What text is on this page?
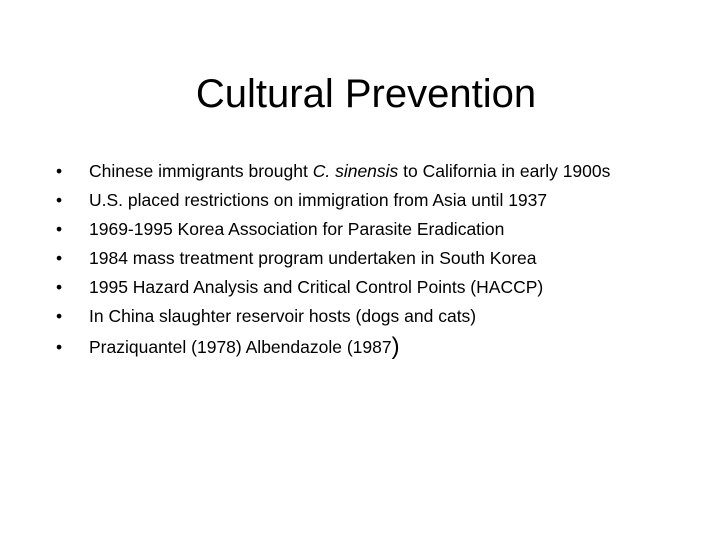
Cultural Prevention
• Chinese immigrants brought C. sinensis to California in early 1900s
• U.S. placed restrictions on immigration from Asia until 1937
• 1969-1995 Korea Association for Parasite Eradication
• 1984 mass treatment program undertaken in South Korea
• 1995 Hazard Analysis and Critical Control Points (HACCP)
• In China slaughter reservoir hosts (dogs and cats)
• Praziquantel (1978) Albendazole (1987)
